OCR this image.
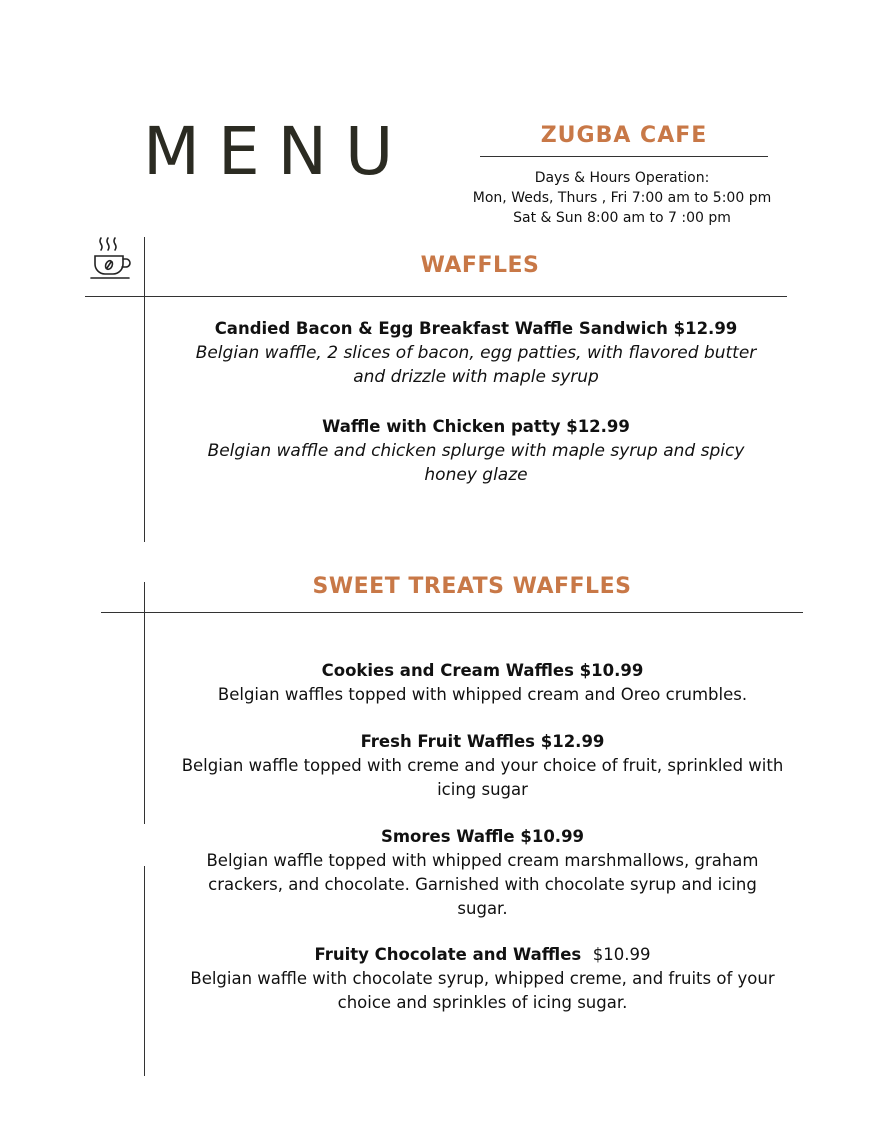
MENU	ZUGBA CAFE
Days & Hours Operation:
Mon, Weds, Thurs , Fri 7:00 am to 5:00 pm
Sat & Sun 8:00 am to 7 :00 pm
WAFFLES
Candied Bacon & Egg Breakfast Waffle Sandwich $12.99
Belgian waffle, 2 slices of bacon, egg patties, with flavored butter
and drizzle with maple syrup
Waffle with Chicken patty $12.99
Belgian waffle and chicken splurge with maple syrup and spicy
honey glaze
SWEET TREATS WAFFLES
Cookies and Cream Waffles $10.99
Belgian waffles topped with whipped cream and Oreo crumbles.
Fresh Fruit Waffles $12.99
Belgian waffle topped with creme and your choice of fruit, sprinkled with
icing sugar
Smores Waffle $10.99
Belgian waffle topped with whipped cream marshmallows, graham
crackers, and chocolate. Garnished with chocolate syrup and icing
sugar.
Fruity Chocolate and Waffles $10.99
Belgian waffle with chocolate syrup, whipped creme, and fruits of your
choice and sprinkles of icing sugar.
